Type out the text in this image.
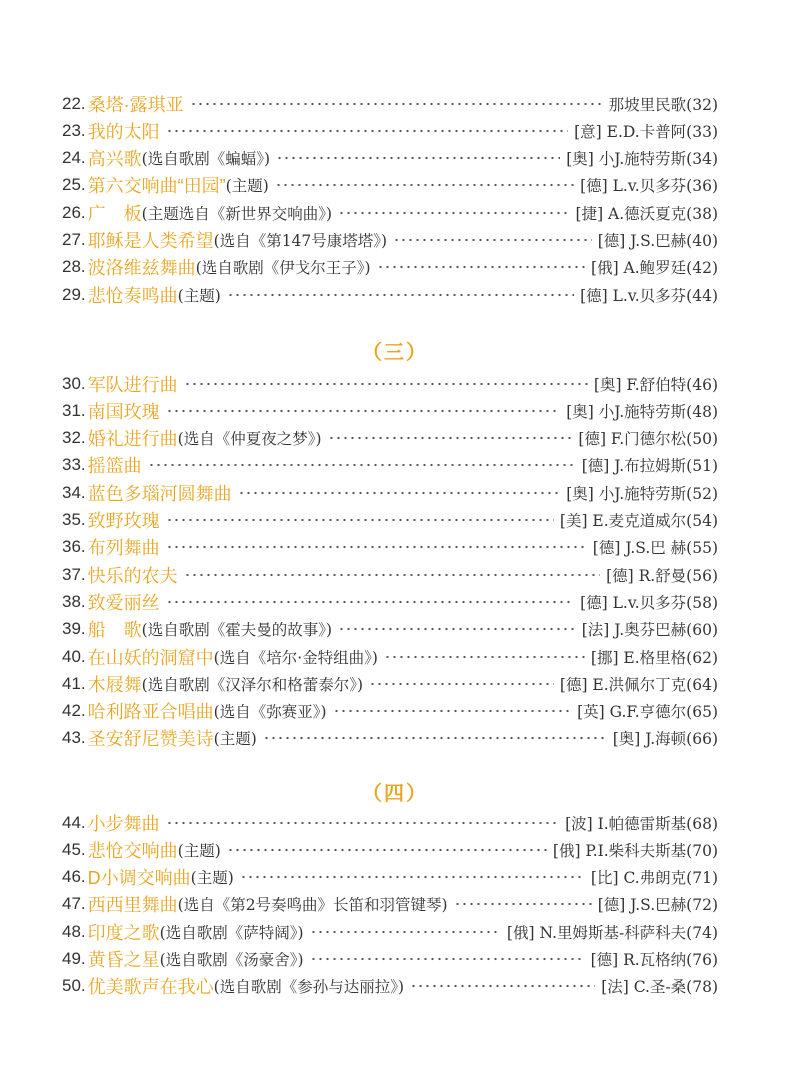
22. 桑塔·露琪亚	那坡里民歌(32)
23. 我的太阳	[意] E.D.卡普阿(33)
24. 高兴歌 (选自歌剧《蝙蝠》)	[奥] 小J.施特劳斯(34)
25. 第六交响曲“田园” (主题)	[德] L.v.贝多芬(36)
26. 广　板 (主题选自《新世界交响曲》)	[捷] A.德沃夏克(38)
27. 耶稣是人类希望 (选自《第147号康塔塔》)	[德] J.S.巴赫(40)
28. 波洛维兹舞曲 (选自歌剧《伊戈尔王子》)	[俄] A.鲍罗廷(42)
29. 悲怆奏鸣曲 (主题)	[德] L.v.贝多芬(44)
（三）
30. 军队进行曲	[奥] F.舒伯特(46)
31. 南国玫瑰	[奥] 小J.施特劳斯(48)
32. 婚礼进行曲 (选自《仲夏夜之梦》)	[德] F.门德尔松(50)
33. 摇篮曲	[德] J.布拉姆斯(51)
34. 蓝色多瑙河圆舞曲	[奥] 小J.施特劳斯(52)
35. 致野玫瑰	[美] E.麦克道威尔(54)
36. 布列舞曲	[德] J.S.巴 赫(55)
37. 快乐的农夫	[德] R.舒曼(56)
38. 致爱丽丝	[德] L.v.贝多芬(58)
39. 船　歌 (选自歌剧《霍夫曼的故事》)	[法] J.奥芬巴赫(60)
40. 在山妖的洞窟中 (选自《培尔·金特组曲》)	[挪] E.格里格(62)
41. 木屐舞 (选自歌剧《汉泽尔和格蕾泰尔》)	[德] E.洪佩尔丁克(64)
42. 哈利路亚合唱曲 (选自《弥赛亚》)	[英] G.F.亨德尔(65)
43. 圣安舒尼赞美诗 (主题)	[奥] J.海顿(66)
（四）
44. 小步舞曲	[波] I.帕德雷斯基(68)
45. 悲怆交响曲 (主题)	[俄] P.I.柴科夫斯基(70)
46. D小调交响曲 (主题)	[比] C.弗朗克(71)
47. 西西里舞曲 (选自《第2号奏鸣曲》长笛和羽管键琴)	[德] J.S.巴赫(72)
48. 印度之歌 (选自歌剧《萨特阔》)	[俄] N.里姆斯基-科萨科夫(74)
49. 黄昏之星 (选自歌剧《汤豪舍》)	[德] R.瓦格纳(76)
50. 优美歌声在我心 (选自歌剧《参孙与达丽拉》)	[法] C.圣-桑(78)
